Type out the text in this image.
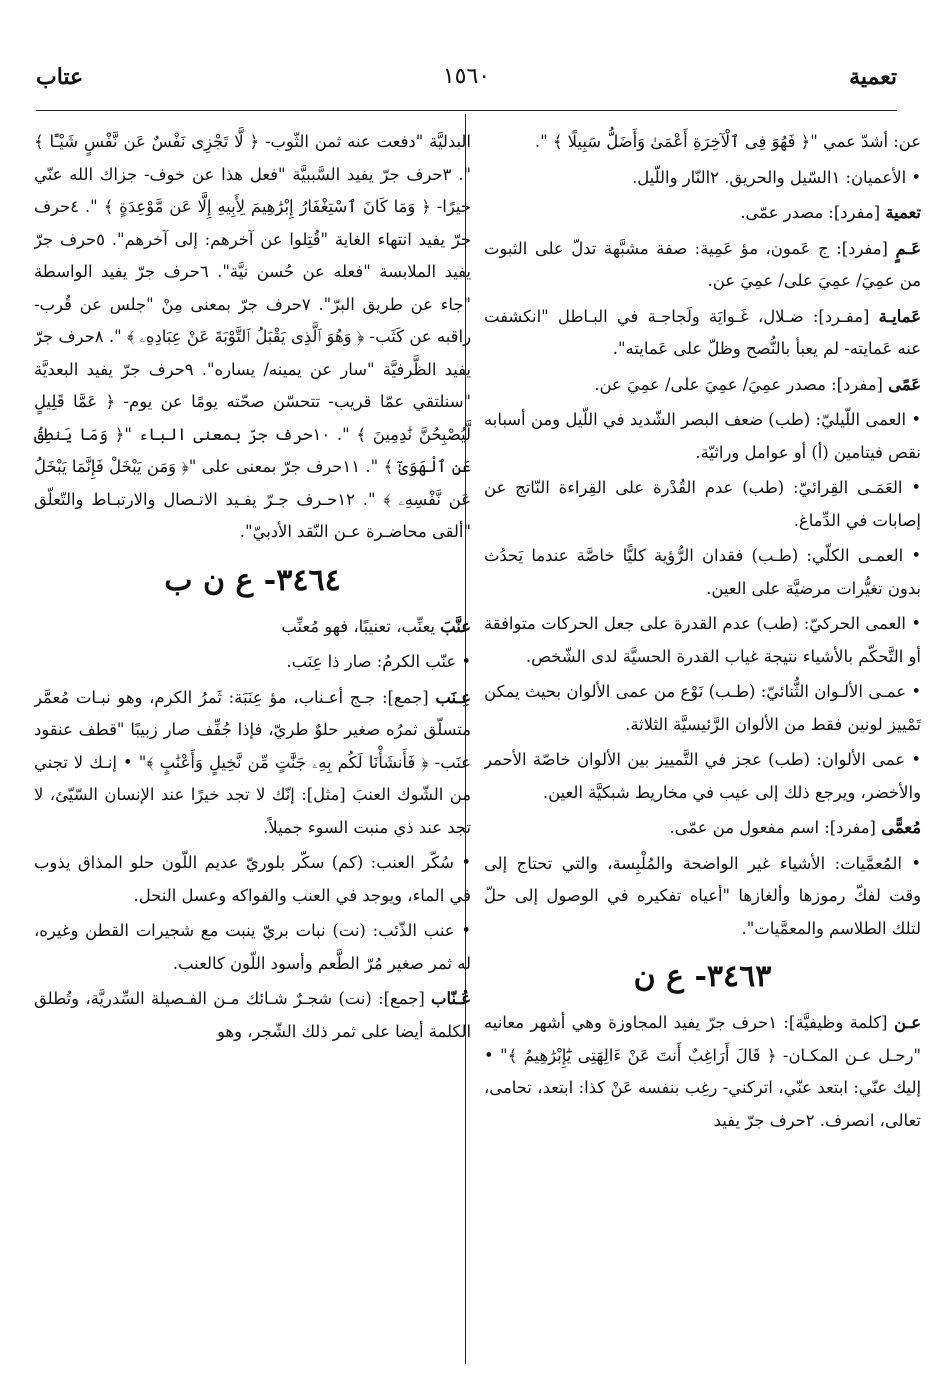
تعمية
١٥٦٠
عتاب

عن: أشدّ عمي "﴿ فَهُوَ فِى ٱلْآخِرَةِ أَعْمَىٰ وَأَضَلُّ سَبِيلًا ﴾ ".

• الأعميان: ١السّيل والحريق. ٢النّار واللّيل.

تعمية [مفرد]: مصدر عمّى.

عَـمٍ [مفرد]: ج عَمون، مؤ عَمِية: صفة مشبَّهة تدلّ على الثبوت من عمِيَ/ عمِيَ على/ عمِيَ عن.

عَمايـة [مفـرد]: ضـلال، غَـوايَة ولَجاجـة في البـاطل "انكشفت عنه عَمايته- لم يعبأ بالنُّصح وظلّ على عَمايته".

عَمًى [مفرد]: مصدر عمِيَ/ عمِيَ على/ عمِيَ عن.

• العمى اللّيليّ: (طب) ضعف البصر الشّديد في اللّيل ومن أسبابه نقص فيتامين (أ) أو عوامل وراثيّة.

• العَمَـى القِرائيّ: (طب) عدم القُدْرة على القِراءة النّاتج عن إصابات في الدِّماغ.

• العمـى الكلّي: (طـب) فقدان الرُّؤية كليًّا خاصَّة عندما يَحدُث بدون تغيُّرات مرضيَّة على العين.

• العمى الحركيّ: (طب) عدم القدرة على جعل الحركات متوافقة أو التَّحكّم بالأشياء نتيجة غياب القدرة الحسيَّة لدى الشّخص.

• عمـى الألـوان الثُّنائيّ: (طـب) نَوْع من عمى الألوان بحيث يمكن تَمْييز لونين فقط من الألوان الرَّئيسيَّة الثلاثة.

• عمى الألوان: (طب) عجز في التَّمييز بين الألوان خاصّة الأحمر والأخضر، ويرجع ذلك إلى عيب في مخاريط شبكيَّة العين.

مُعمًّى [مفرد]: اسم مفعول من عمّى.

• المُعمَّيات: الأشياء غير الواضحة والمُلْبِسة، والتي تحتاج إلى وقت لفكّ رموزها وألغازها "أعياه تفكيره في الوصول إلى حلّ لتلك الطلاسم والمعمَّيات".

٣٤٦٣- ع ن

عـن [كلمة وظيفيَّة]: ١حرف جرّ يفيد المجاوزة وهي أشهر معانيه "رحـل عـن المكـان- ﴿ قَالَ أَرَاغِبٌ أَنتَ عَنْ ءَالِهَتِى يَٰٓإِبْرَٰهِيمُ ﴾" • إليك عنّي: ابتعد عنّي، اتركني- رغِب بنفسه عَنْ كذا: ابتعد، تحامى، تعالى، انصرف. ٢حرف جرّ يفيد

البدليَّة "دفعت عنه ثمن الثّوب- ﴿ لَّا تَجْزِى نَفْسٌ عَن نَّفْسٍ شَيْـًٔا ﴾ ". ٣حرف جرّ يفيد السَّببيَّة "فعل هذا عن خوف- جزاك الله عنّي خيرًا- ﴿ وَمَا كَانَ ٱسْتِغْفَارُ إِبْرَٰهِيمَ لِأَبِيهِ إِلَّا عَن مَّوْعِدَةٍ ﴾ ". ٤حرف جرّ يفيد انتهاء الغاية "قُتِلوا عن آخرهم: إلى آخرهم". ٥حرف جرّ يفيد الملابسة "فعله عن حُسن نيَّة". ٦حرف جرّ يفيد الواسطة "جاء عن طريق البرّ". ٧حرف جرّ بمعنى مِنْ "جلس عن قُرب- راقبه عن كَثَب- ﴿ وَهُوَ ٱلَّذِى يَقْبَلُ ٱلتَّوْبَةَ عَنْ عِبَادِهِۦ ﴾ ". ٨حرف جرّ يفيد الظَّرفيَّة "سار عن يمينه/ يساره". ٩حرف جرّ يفيد البعديَّة "سنلتقي عمّا قريب- تتحسّن صحّته يومًا عن يوم- ﴿ عَمَّا قَلِيلٍ لَّيُصْبِحُنَّ نَٰدِمِينَ ﴾ ". ١٠حرف جرّ بمعنى الباء "﴿ وَمَا يَنطِقُ عَنِ ٱلْهَوَىٰٓ ﴾ ". ١١حرف جرّ بمعنى على "﴿ وَمَن يَبْخَلْ فَإِنَّمَا يَبْخَلُ عَن نَّفْسِهِۦ ﴾ ". ١٢حـرف جـرّ يفـيد الاتـصال والارتبـاط والتّعلّق "ألقى محاضـرة عـن النّقد الأدبيّ".

٣٤٦٤- ع ن ب

عنَّبَ يعنِّب، تعنيبًا، فهو مُعنِّب

• عنّب الكرمُ: صار ذا عِنَب.

عِـنَب [جمع]: جـج أعـناب، مؤ عِنَبَة: ثَمرُ الكرم، وهو نبـات مُعمَّر متسلّق ثمرُه صغير حلوٌ طريّ، فإذا جُفِّف صار زبيبًا "قطف عنقود عنَب- ﴿ فَأَنشَأْنَا لَكُم بِهِۦ جَنَّٰتٍ مِّن نَّخِيلٍ وَأَعْنَٰبٍ ﴾" • إنـك لا تجني من الشّوك العنبَ [مثل]: إنّك لا تجد خيرًا عند الإنسان السّيّئ، لا تجد عند ذي منبت السوء جميلاً.

• سُكّر العنب: (كم) سكّر بلوريّ عديم اللّون حلو المذاق يذوب في الماء، ويوجد في العنب والفواكه وعسل النحل.

• عنب الذّئب: (نت) نبات بريّ ينبت مع شجيرات القطن وغيره، له ثمر صغير مُرّ الطَّعم وأسود اللّون كالعنب.

عُـنّاب [جمع]: (نت) شجـرٌ شـائك مـن الفـصيلة السِّدريَّة، وتُطلق الكلمة أيضا على ثمر ذلك الشّجر، وهو
